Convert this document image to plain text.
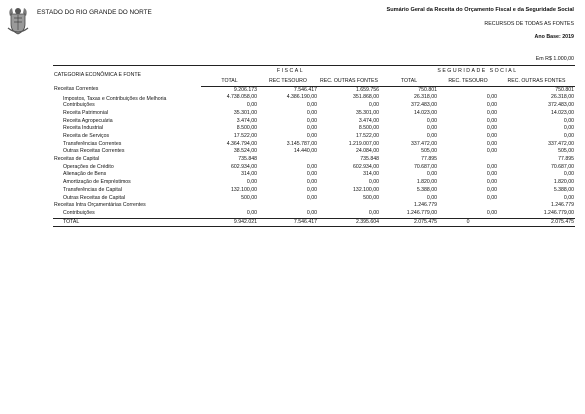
ESTADO DO RIO GRANDE DO NORTE	Sumário Geral da Receita do Orçamento Fiscal e da Seguridade Social
RECURSOS DE TODAS AS FONTES
Ano Base: 2019
Em R$ 1.000,00
CATEGORIA ECONÔMICA E FONTE	FISCAL			SEGURIDADE SOCIAL		
	TOTAL	REC TESOURO	REC. OUTRAS FONTES	TOTAL	REC. TESOURO	REC. OUTRAS FONTES
Receitas Correntes	9.206.173	7.546.417	1.659.756	750.801		750.801
Impostos, Taxas e Contribuições de Melhoria	4.738.058,00	4.386.190,00	351.868,00	26.318,00	0,00	26.318,00
Contribuições	0,00	0,00	0,00	372.483,00	0,00	372.483,00
Receita Patrimonial	35.301,00	0,00	35.301,00	14.023,00	0,00	14.023,00
Receita Agropecuária	3.474,00	0,00	3.474,00	0,00	0,00	0,00
Receita Industrial	8.500,00	0,00	8.500,00	0,00	0,00	0,00
Receita de Serviços	17.522,00	0,00	17.522,00	0,00	0,00	0,00
Transferências Correntes	4.364.794,00	3.145.787,00	1.219.007,00	337.472,00	0,00	337.472,00
Outras Receitas Correntes	38.524,00	14.440,00	24.084,00	505,00	0,00	505,00
Receitas de Capital	735.848		735.848	77.895		77.895
Operações de Crédito	602.934,00	0,00	602.934,00	70.687,00	0,00	70.687,00
Alienação de Bens	314,00	0,00	314,00	0,00	0,00	0,00
Amortização de Empréstimos	0,00	0,00	0,00	1.820,00	0,00	1.820,00
Transferências de Capital	132.100,00	0,00	132.100,00	5.388,00	0,00	5.388,00
Outras Receitas de Capital	500,00	0,00	500,00	0,00	0,00	0,00
Receitas Intra Orçamentárias Correntes				1.246.779		1.246.779
Contribuições	0,00	0,00	0,00	1.246.779,00	0,00	1.246.779,00
TOTAL	9.942.021	7.546.417	2.395.604	2.075.475	0	2.075.475
